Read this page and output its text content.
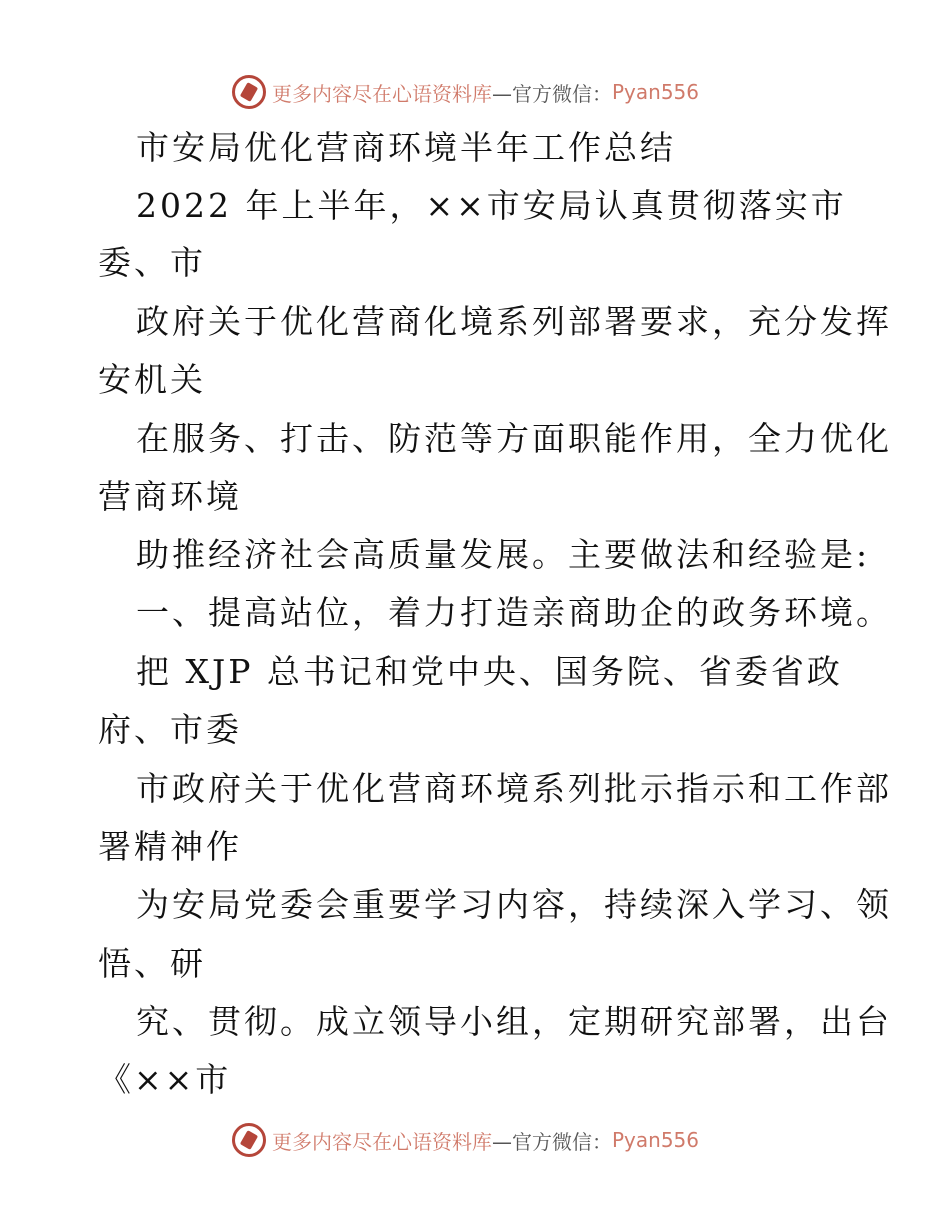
更多内容尽在心语资料库 —官方微信： Pyan556
市安局优化营商环境半年工作总结
2022 年上半年，××市安局认真贯彻落实市
委、市
政府关于优化营商化境系列部署要求，充分发挥
安机关
在服务、打击、防范等方面职能作用，全力优化
营商环境
助推经济社会高质量发展。主要做法和经验是:
一、提高站位，着力打造亲商助企的政务环境。
把 XJP 总书记和党中央、国务院、省委省政
府、市委
市政府关于优化营商环境系列批示指示和工作部
署精神作
为安局党委会重要学习内容，持续深入学习、领
悟、研
究、贯彻。成立领导小组，定期研究部署，出台
《××市
更多内容尽在心语资料库 —官方微信： Pyan556
